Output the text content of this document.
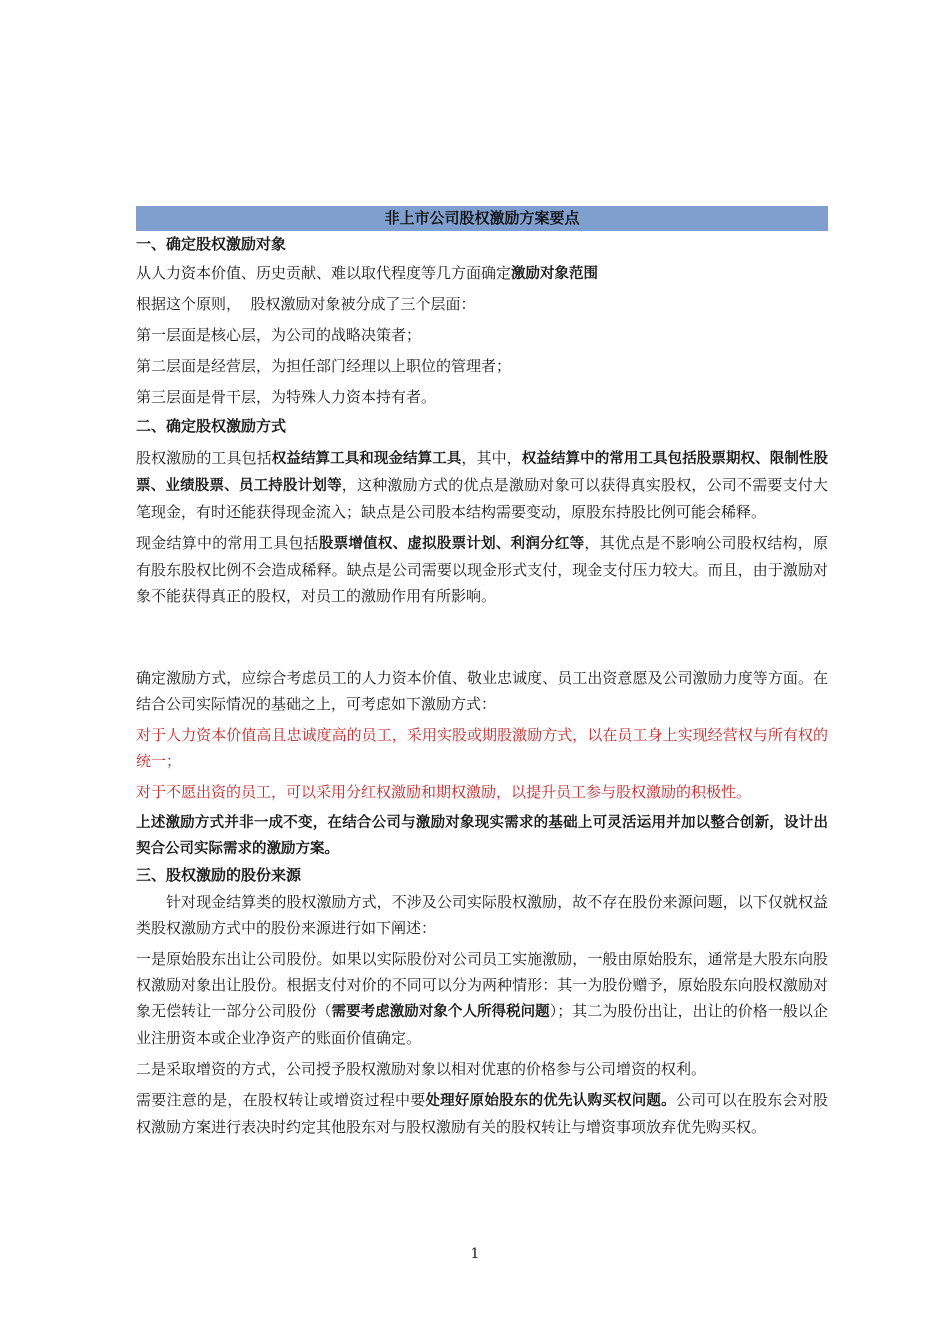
非上市公司股权激励方案要点
一、确定股权激励对象

从人力资本价值、历史贡献、难以取代程度等几方面确定激励对象范围

根据这个原则，  股权激励对象被分成了三个层面：

第一层面是核心层，为公司的战略决策者；

第二层面是经营层，为担任部门经理以上职位的管理者；

第三层面是骨干层，为特殊人力资本持有者。

二、确定股权激励方式

股权激励的工具包括权益结算工具和现金结算工具，其中，权益结算中的常用工具包括股票期权、限制性股票、业绩股票、员工持股计划等，这种激励方式的优点是激励对象可以获得真实股权，公司不需要支付大笔现金，有时还能获得现金流入；缺点是公司股本结构需要变动，原股东持股比例可能会稀释。

现金结算中的常用工具包括股票增值权、虚拟股票计划、利润分红等，其优点是不影响公司股权结构，原有股东股权比例不会造成稀释。缺点是公司需要以现金形式支付，现金支付压力较大。而且，由于激励对象不能获得真正的股权，对员工的激励作用有所影响。

确定激励方式，应综合考虑员工的人力资本价值、敬业忠诚度、员工出资意愿及公司激励力度等方面。在结合公司实际情况的基础之上，可考虑如下激励方式：

对于人力资本价值高且忠诚度高的员工，采用实股或期股激励方式，以在员工身上实现经营权与所有权的统一；

对于不愿出资的员工，可以采用分红权激励和期权激励，以提升员工参与股权激励的积极性。

上述激励方式并非一成不变，在结合公司与激励对象现实需求的基础上可灵活运用并加以整合创新，设计出契合公司实际需求的激励方案。

三、股权激励的股份来源

针对现金结算类的股权激励方式，不涉及公司实际股权激励，故不存在股份来源问题，以下仅就权益类股权激励方式中的股份来源进行如下阐述：

一是原始股东出让公司股份。如果以实际股份对公司员工实施激励，一般由原始股东，通常是大股东向股权激励对象出让股份。根据支付对价的不同可以分为两种情形：其一为股份赠予，原始股东向股权激励对象无偿转让一部分公司股份（需要考虑激励对象个人所得税问题）；其二为股份出让，出让的价格一般以企业注册资本或企业净资产的账面价值确定。

二是采取增资的方式，公司授予股权激励对象以相对优惠的价格参与公司增资的权利。

需要注意的是，在股权转让或增资过程中要处理好原始股东的优先认购买权问题。公司可以在股东会对股权激励方案进行表决时约定其他股东对与股权激励有关的股权转让与增资事项放弃优先购买权。

1
